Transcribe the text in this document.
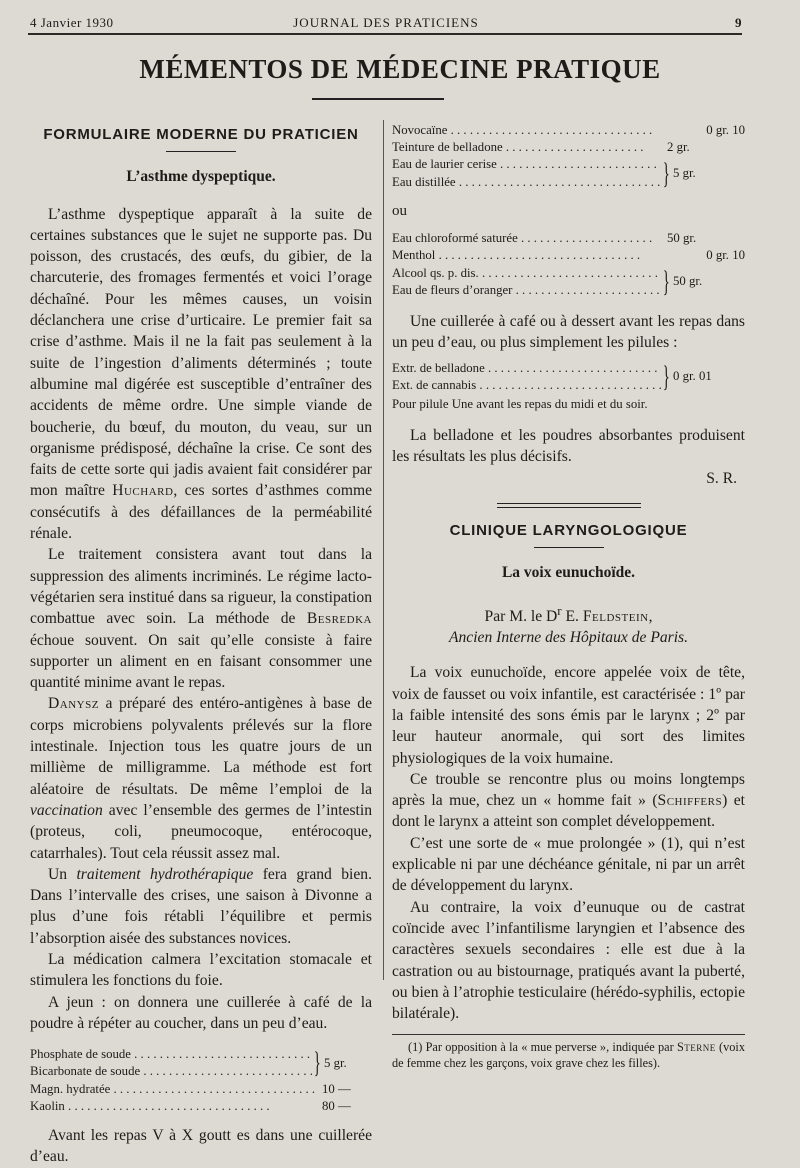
4 Janvier 1930	JOURNAL DES PRATICIENS	9
MÉMENTOS DE MÉDECINE PRATIQUE
FORMULAIRE MODERNE DU PRATICIEN
L’asthme dyspeptique.

L’asthme dyspeptique apparaît à la suite de certaines substances que le sujet ne supporte pas. Du poisson, des crustacés, des œufs, du gibier, de la charcuterie, des fromages fermentés et voici l’orage déchaîné. Pour les mêmes causes, un voisin déclanchera une crise d’urticaire. Le premier fait sa crise d’asthme. Mais il ne la fait pas seulement à la suite de l’ingestion d’aliments déterminés ; toute albumine mal digérée est susceptible d’entraîner des accidents de même ordre. Une simple viande de boucherie, du bœuf, du mouton, du veau, sur un organisme prédisposé, déchaîne la crise. Ce sont des faits de cette sorte qui jadis avaient fait considérer par mon maître Huchard, ces sortes d’asthmes comme consécutifs à des défaillances de la perméabilité rénale.

Le traitement consistera avant tout dans la suppression des aliments incriminés. Le régime lacto-végétarien sera institué dans sa rigueur, la constipation combattue avec soin. La méthode de Besredka échoue souvent. On sait qu’elle consiste à faire supporter un aliment en en faisant consommer une quantité minime avant le repas.

Danysz a préparé des entéro-antigènes à base de corps microbiens polyvalents prélevés sur la flore intestinale. Injection tous les quatre jours de un millième de milligramme. La méthode est fort aléatoire de résultats. De même l’emploi de la vaccination avec l’ensemble des germes de l’intestin (proteus, coli, pneumocoque, entérocoque, catarrhales). Tout cela réussit assez mal.

Un traitement hydrothérapique fera grand bien. Dans l’intervalle des crises, une saison à Divonne a plus d’une fois rétabli l’équilibre et permis l’absorption aisée des substances novices.

La médication calmera l’excitation stomacale et stimulera les fonctions du foie.

A jeun : on donnera une cuillerée à café de la poudre à répéter au coucher, dans un peu d’eau.

Phosphate de soude . . .
Bicarbonate de soude . . .	} 5 gr.
Magn. hydratée . . .	10 —
Kaolin . . .	80 —

Avant les repas V à X goutt es dans une cuillerée d’eau.

Novocaïne . . .	0 gr. 10
Teinture de belladone . . .	2 gr.
Eau de laurier cerise . . .
Eau distillée . . .	} 5 gr.
ou
Eau chloroformé saturée . . .	50 gr.
Menthol . . .	0 gr. 10
Alcool qs. p. dis. . . .
Eau de fleurs d’oranger . . .	} 50 gr.

Une cuillerée à café ou à dessert avant les repas dans un peu d’eau, ou plus simplement les pilules :

Extr. de belladone . . .
Ext. de cannabis . . .	} 0 gr. 01
Pour pilule Une avant les repas du midi et du soir.

La belladone et les poudres absorbantes produisent les résultats les plus décisifs.

S. R.

CLINIQUE LARYNGOLOGIQUE
La voix eunuchoïde.

Par M. le $D^r$ E. Feldstein,

Ancien Interne des Hôpitaux de Paris.

La voix eunuchoïde, encore appelée voix de tête, voix de fausset ou voix infantile, est caractérisée : 1º par la faible intensité des sons émis par le larynx ; 2º par leur hauteur anormale, qui sort des limites physiologiques de la voix humaine.

Ce trouble se rencontre plus ou moins longtemps après la mue, chez un « homme fait » (Schiffers) et dont le larynx a atteint son complet développement.

C’est une sorte de « mue prolongée » (1), qui n’est explicable ni par une déchéance génitale, ni par un arrêt de développement du larynx.

Au contraire, la voix d’eunuque ou de castrat coïncide avec l’infantilisme laryngien et l’absence des caractères sexuels secondaires : elle est due à la castration ou au bistournage, pratiqués avant la puberté, ou bien à l’atrophie testiculaire (hérédo-syphilis, ectopie bilatérale).

(1) Par opposition à la « mue perverse », indiquée par Sterne (voix de femme chez les garçons, voix grave chez les filles).
